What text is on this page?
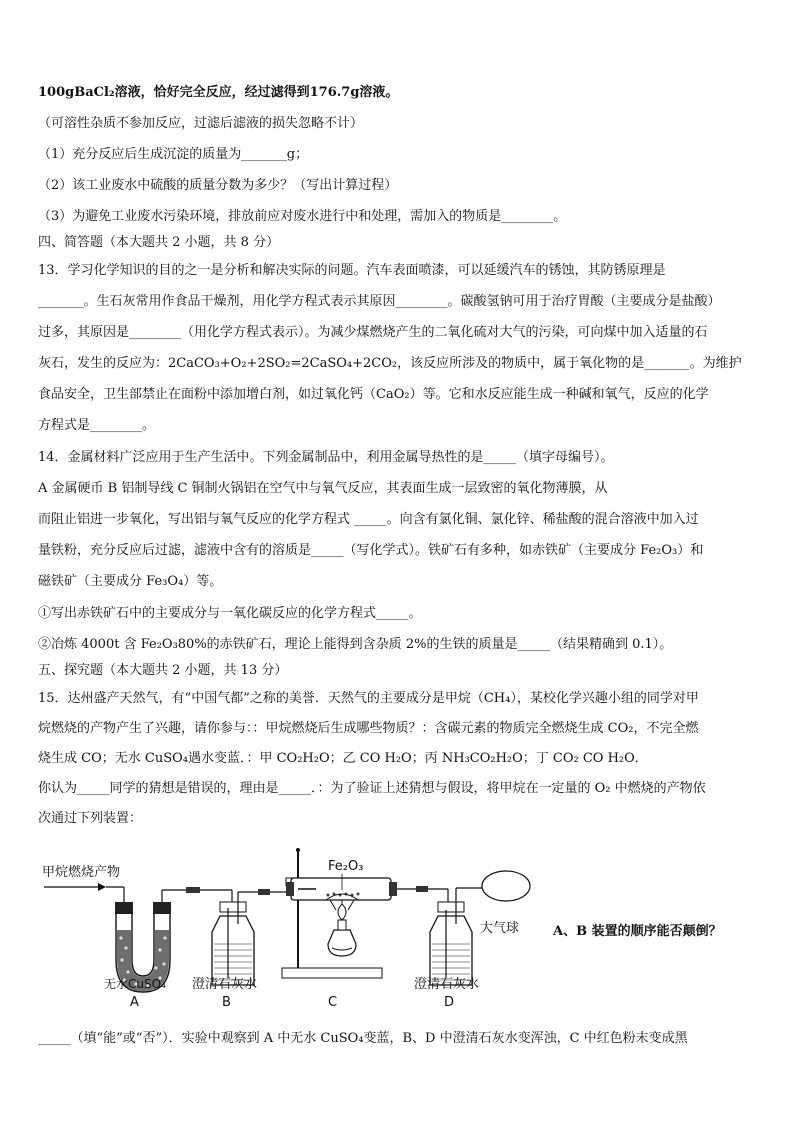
100gBaCl₂溶液，恰好完全反应，经过滤得到176.7g溶液。
（可溶性杂质不参加反应，过滤后滤液的损失忽略不计）
（1）充分反应后生成沉淀的质量为_______g；
（2）该工业废水中硫酸的质量分数为多少？（写出计算过程）
（3）为避免工业废水污染环境，排放前应对废水进行中和处理，需加入的物质是________。
四、简答题（本大题共 2 小题，共 8 分）
13．学习化学知识的目的之一是分析和解决实际的问题。汽车表面喷漆，可以延缓汽车的锈蚀，其防锈原理是
_______。生石灰常用作食品干燥剂，用化学方程式表示其原因________。碳酸氢钠可用于治疗胃酸（主要成分是盐酸）
过多，其原因是________（用化学方程式表示）。为减少煤燃烧产生的二氧化硫对大气的污染，可向煤中加入适量的石
灰石，发生的反应为：2CaCO₃+O₂+2SO₂=2CaSO₄+2CO₂，该反应所涉及的物质中，属于氧化物的是_______。为维护
食品安全，卫生部禁止在面粉中添加增白剂，如过氧化钙（CaO₂）等。它和水反应能生成一种碱和氧气，反应的化学
方程式是________。
14．金属材料广泛应用于生产生活中。下列金属制品中，利用金属导热性的是_____（填字母编号）。
A 金属硬币 B 铝制导线 C 铜制火锅铝在空气中与氧气反应，其表面生成一层致密的氧化物薄膜，从
而阻止铝进一步氧化，写出铝与氧气反应的化学方程式 _____。向含有氯化铜、氯化锌、稀盐酸的混合溶液中加入过
量铁粉，充分反应后过滤，滤液中含有的溶质是_____（写化学式）。铁矿石有多种，如赤铁矿（主要成分 Fe₂O₃）和
磁铁矿（主要成分 Fe₃O₄）等。
①写出赤铁矿石中的主要成分与一氧化碳反应的化学方程式_____。
②冶炼 4000t 含 Fe₂O₃80%的赤铁矿石，理论上能得到含杂质 2%的生铁的质量是_____（结果精确到 0.1）。
五、探究题（本大题共 2 小题，共 13 分）
15．达州盛产天然气，有“中国气都”之称的美誉．天然气的主要成分是甲烷（CH₄），某校化学兴趣小组的同学对甲
烷燃烧的产物产生了兴趣，请你参与：：甲烷燃烧后生成哪些物质？：含碳元素的物质完全燃烧生成 CO₂，不完全燃
烧生成 CO；无水 CuSO₄遇水变蓝．：甲 CO₂H₂O；乙 CO H₂O；丙 NH₃CO₂H₂O；丁 CO₂ CO H₂O．
你认为_____同学的猜想是错误的，理由是_____．：为了验证上述猜想与假设，将甲烷在一定量的 O₂ 中燃烧的产物依
次通过下列装置：
甲烷燃烧产物	Fe₂O₃
大气球
无水CuSO₄
A
澄清石灰水
B	C
澄清石灰水
D
A、B 装置的顺序能否颠倒？
_____（填“能”或“否”）．实验中观察到 A 中无水 CuSO₄变蓝，B、D 中澄清石灰水变浑浊，C 中红色粉末变成黑
